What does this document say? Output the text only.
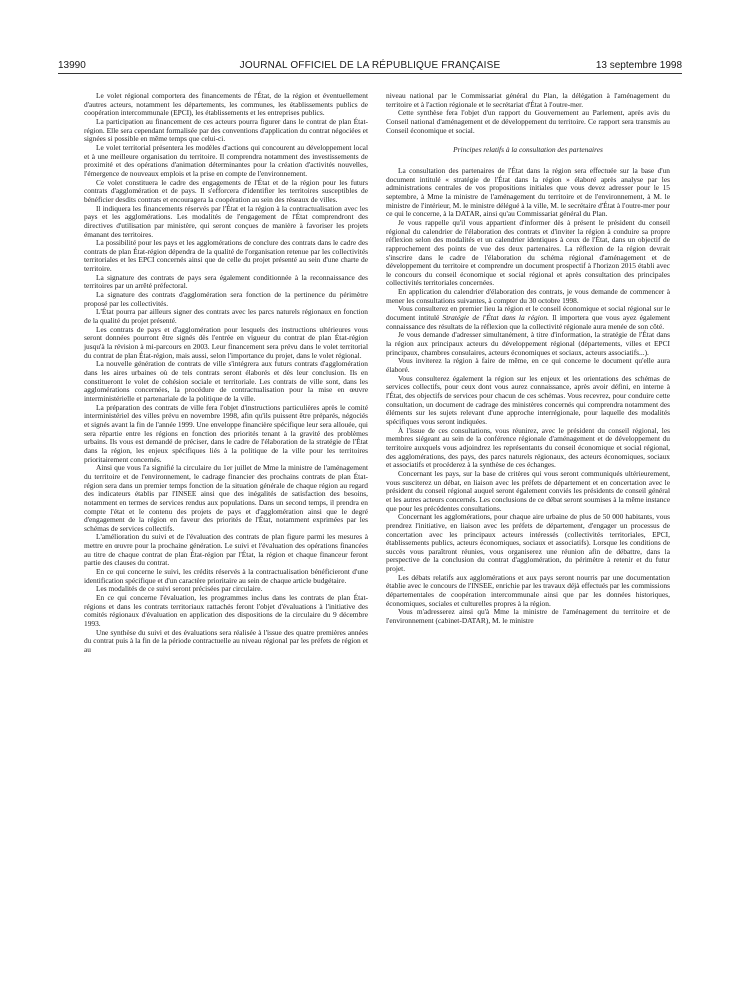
13990	JOURNAL OFFICIEL DE LA RÉPUBLIQUE FRANÇAISE	13 septembre 1998

Le volet régional comportera des financements de l'État, de la région et éventuellement d'autres acteurs, notamment les départements, les communes, les établissements publics de coopération intercommunale (EPCI), les établissements et les entreprises publics.

La participation au financement de ces acteurs pourra figurer dans le contrat de plan État-région. Elle sera cependant formalisée par des conventions d'application du contrat négociées et signées si possible en même temps que celui-ci.

Le volet territorial présentera les modèles d'actions qui concourent au développement local et à une meilleure organisation du territoire. Il comprendra notamment des investissements de proximité et des opérations d'animation déterminantes pour la création d'activités nouvelles, l'émergence de nouveaux emplois et la prise en compte de l'environnement.

Ce volet constituera le cadre des engagements de l'État et de la région pour les futurs contrats d'agglomération et de pays. Il s'efforcera d'identifier les territoires susceptibles de bénéficier desdits contrats et encouragera la coopération au sein des réseaux de villes.

Il indiquera les financements réservés par l'État et la région à la contractualisation avec les pays et les agglomérations. Les modalités de l'engagement de l'État comprendront des directives d'utilisation par ministère, qui seront conçues de manière à favoriser les projets émanant des territoires.

La possibilité pour les pays et les agglomérations de conclure des contrats dans le cadre des contrats de plan État-région dépendra de la qualité de l'organisation retenue par les collectivités territoriales et les EPCI concernés ainsi que de celle du projet présenté au sein d'une charte de territoire.

La signature des contrats de pays sera également conditionnée à la reconnaissance des territoires par un arrêté préfectoral.

La signature des contrats d'agglomération sera fonction de la pertinence du périmètre proposé par les collectivités.

L'État pourra par ailleurs signer des contrats avec les parcs naturels régionaux en fonction de la qualité du projet présenté.

Les contrats de pays et d'agglomération pour lesquels des instructions ultérieures vous seront données pourront être signés dès l'entrée en vigueur du contrat de plan État-région jusqu'à la révision à mi-parcours en 2003. Leur financement sera prévu dans le volet territorial du contrat de plan État-région, mais aussi, selon l'importance du projet, dans le volet régional.

La nouvelle génération de contrats de ville s'intégrera aux futurs contrats d'agglomération dans les aires urbaines où de tels contrats seront élaborés et dès leur conclusion. Ils en constitueront le volet de cohésion sociale et territoriale. Les contrats de ville sont, dans les agglomérations concernées, la procédure de contractualisation pour la mise en œuvre interministérielle et partenariale de la politique de la ville.

La préparation des contrats de ville fera l'objet d'instructions particulières après le comité interministériel des villes prévu en novembre 1998, afin qu'ils puissent être préparés, négociés et signés avant la fin de l'année 1999. Une enveloppe financière spécifique leur sera allouée, qui sera répartie entre les régions en fonction des priorités tenant à la gravité des problèmes urbains. Ils vous est demandé de préciser, dans le cadre de l'élaboration de la stratégie de l'État dans la région, les enjeux spécifiques liés à la politique de la ville pour les territoires prioritairement concernés.

Ainsi que vous l'a signifié la circulaire du 1er juillet de Mme la ministre de l'aménagement du territoire et de l'environnement, le cadrage financier des prochains contrats de plan État-région sera dans un premier temps fonction de la situation générale de chaque région au regard des indicateurs établis par l'INSEE ainsi que des inégalités de satisfaction des besoins, notamment en termes de services rendus aux populations. Dans un second temps, il prendra en compte l'état et le contenu des projets de pays et d'agglomération ainsi que le degré d'engagement de la région en faveur des priorités de l'État, notamment exprimées par les schémas de services collectifs.

L'amélioration du suivi et de l'évaluation des contrats de plan figure parmi les mesures à mettre en œuvre pour la prochaine génération. Le suivi et l'évaluation des opérations financées au titre de chaque contrat de plan État-région par l'État, la région et chaque financeur feront partie des clauses du contrat.

En ce qui concerne le suivi, les crédits réservés à la contractualisation bénéficieront d'une identification spécifique et d'un caractère prioritaire au sein de chaque article budgétaire.

Les modalités de ce suivi seront précisées par circulaire.

En ce qui concerne l'évaluation, les programmes inclus dans les contrats de plan État-régions et dans les contrats territoriaux rattachés feront l'objet d'évaluations à l'initiative des comités régionaux d'évaluation en application des dispositions de la circulaire du 9 décembre 1993.

Une synthèse du suivi et des évaluations sera réalisée à l'issue des quatre premières années du contrat puis à la fin de la période contractuelle au niveau régional par les préfets de région et au

niveau national par le Commissariat général du Plan, la délégation à l'aménagement du territoire et à l'action régionale et le secrétariat d'État à l'outre-mer.

Cette synthèse fera l'objet d'un rapport du Gouvernement au Parlement, après avis du Conseil national d'aménagement et de développement du territoire. Ce rapport sera transmis au Conseil économique et social.

Principes relatifs à la consultation des partenaires

La consultation des partenaires de l'État dans la région sera effectuée sur la base d'un document intitulé « stratégie de l'État dans la région » élaboré après analyse par les administrations centrales de vos propositions initiales que vous devez adresser pour le 15 septembre, à Mme la ministre de l'aménagement du territoire et de l'environnement, à M. le ministre de l'intérieur, M. le ministre délégué à la ville, M. le secrétaire d'État à l'outre-mer pour ce qui le concerne, à la DATAR, ainsi qu'au Commissariat général du Plan.

Je vous rappelle qu'il vous appartient d'informer dès à présent le président du conseil régional du calendrier de l'élaboration des contrats et d'inviter la région à conduire sa propre réflexion selon des modalités et un calendrier identiques à ceux de l'État, dans un objectif de rapprochement des points de vue des deux partenaires. La réflexion de la région devrait s'inscrire dans le cadre de l'élaboration du schéma régional d'aménagement et de développement du territoire et comprendre un document prospectif à l'horizon 2015 établi avec le concours du conseil économique et social régional et après consultation des principales collectivités territoriales concernées.

En application du calendrier d'élaboration des contrats, je vous demande de commencer à mener les consultations suivantes, à compter du 30 octobre 1998.

Vous consulterez en premier lieu la région et le conseil économique et social régional sur le document intitulé Stratégie de l'État dans la région. Il importera que vous ayez également connaissance des résultats de la réflexion que la collectivité régionale aura menée de son côté.

Je vous demande d'adresser simultanément, à titre d'information, la stratégie de l'État dans la région aux principaux acteurs du développement régional (départements, villes et EPCI principaux, chambres consulaires, acteurs économiques et sociaux, acteurs associatifs...).

Vous inviterez la région à faire de même, en ce qui concerne le document qu'elle aura élaboré.

Vous consulterez également la région sur les enjeux et les orientations des schémas de services collectifs, pour ceux dont vous aurez connaissance, après avoir défini, en interne à l'État, des objectifs de services pour chacun de ces schémas. Vous recevrez, pour conduire cette consultation, un document de cadrage des ministères concernés qui comprendra notamment des éléments sur les sujets relevant d'une approche interrégionale, pour laquelle des modalités spécifiques vous seront indiquées.

À l'issue de ces consultations, vous réunirez, avec le président du conseil régional, les membres siégeant au sein de la conférence régionale d'aménagement et de développement du territoire auxquels vous adjoindrez les représentants du conseil économique et social régional, des agglomérations, des pays, des parcs naturels régionaux, des acteurs économiques, sociaux et associatifs et procéderez à la synthèse de ces échanges.

Concernant les pays, sur la base de critères qui vous seront communiqués ultérieurement, vous susciterez un débat, en liaison avec les préfets de département et en concertation avec le président du conseil régional auquel seront également conviés les présidents de conseil général et les autres acteurs concernés. Les conclusions de ce débat seront soumises à la même instance que pour les précédentes consultations.

Concernant les agglomérations, pour chaque aire urbaine de plus de 50 000 habitants, vous prendrez l'initiative, en liaison avec les préfets de département, d'engager un processus de concertation avec les principaux acteurs intéressés (collectivités territoriales, EPCI, établissements publics, acteurs économiques, sociaux et associatifs). Lorsque les conditions de succès vous paraîtront réunies, vous organiserez une réunion afin de débattre, dans la perspective de la conclusion du contrat d'agglomération, du périmètre à retenir et du futur projet.

Les débats relatifs aux agglomérations et aux pays seront nourris par une documentation établie avec le concours de l'INSEE, enrichie par les travaux déjà effectués par les commissions départementales de coopération intercommunale ainsi que par les données historiques, économiques, sociales et culturelles propres à la région.

Vous m'adresserez ainsi qu'à Mme la ministre de l'aménagement du territoire et de l'environnement (cabinet-DATAR), M. le ministre
